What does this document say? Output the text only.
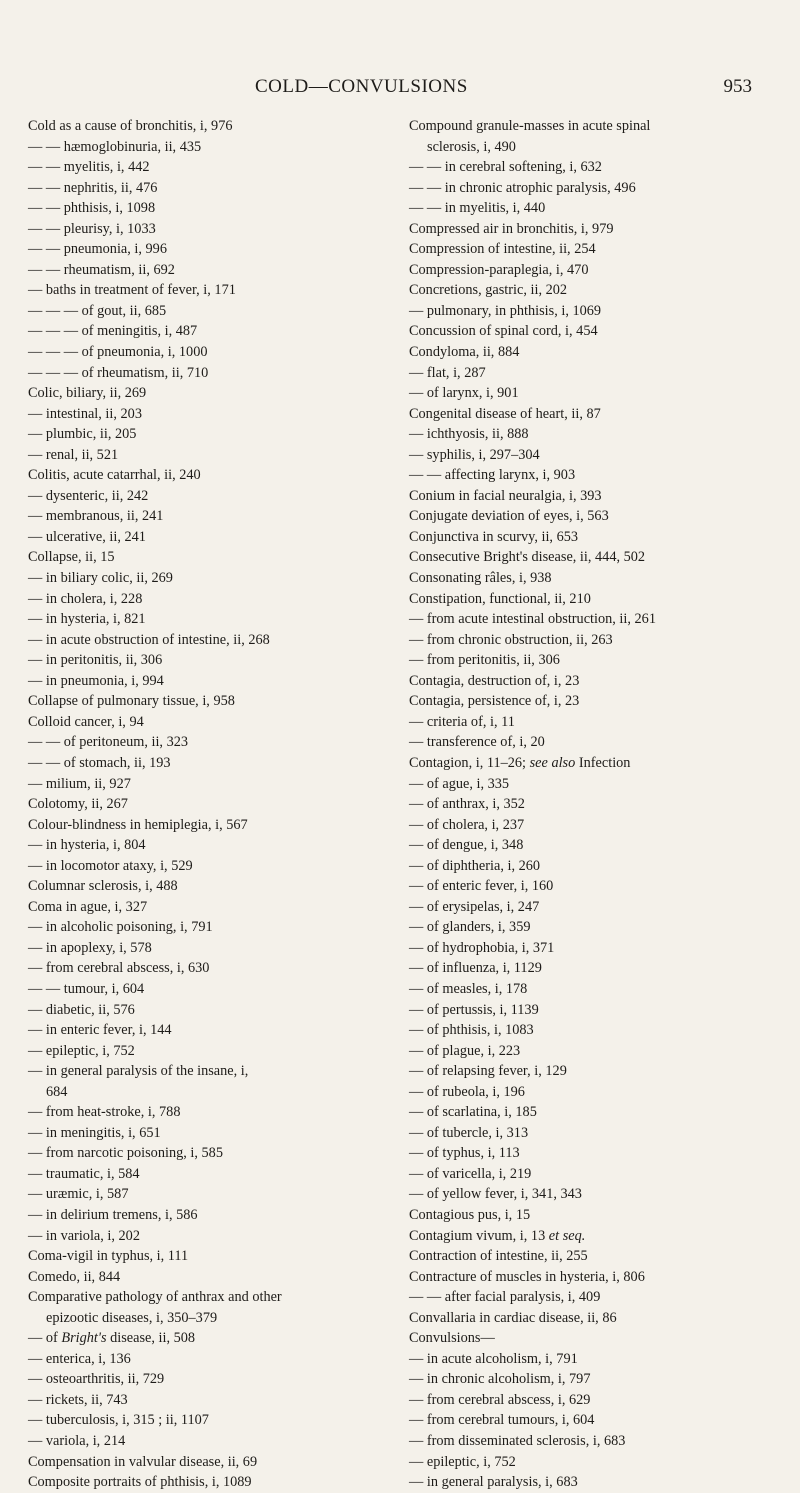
COLD—CONVULSIONS	953
Cold as a cause of bronchitis, i, 976
— — hæmoglobinuria, ii, 435
— — myelitis, i, 442
— — nephritis, ii, 476
— — phthisis, i, 1098
— — pleurisy, i, 1033
— — pneumonia, i, 996
— — rheumatism, ii, 692
— baths in treatment of fever, i, 171
— — — of gout, ii, 685
— — — of meningitis, i, 487
— — — of pneumonia, i, 1000
— — — of rheumatism, ii, 710
Colic, biliary, ii, 269
— intestinal, ii, 203
— plumbic, ii, 205
— renal, ii, 521
Colitis, acute catarrhal, ii, 240
— dysenteric, ii, 242
— membranous, ii, 241
— ulcerative, ii, 241
Collapse, ii, 15
— in biliary colic, ii, 269
— in cholera, i, 228
— in hysteria, i, 821
— in acute obstruction of intestine, ii, 268
— in peritonitis, ii, 306
— in pneumonia, i, 994
Collapse of pulmonary tissue, i, 958
Colloid cancer, i, 94
— — of peritoneum, ii, 323
— — of stomach, ii, 193
— milium, ii, 927
Colotomy, ii, 267
Colour-blindness in hemiplegia, i, 567
— in hysteria, i, 804
— in locomotor ataxy, i, 529
Columnar sclerosis, i, 488
Coma in ague, i, 327
— in alcoholic poisoning, i, 791
— in apoplexy, i, 578
— from cerebral abscess, i, 630
— — tumour, i, 604
— diabetic, ii, 576
— in enteric fever, i, 144
— epileptic, i, 752
— in general paralysis of the insane, i,
684
— from heat-stroke, i, 788
— in meningitis, i, 651
— from narcotic poisoning, i, 585
— traumatic, i, 584
— uræmic, i, 587
— in delirium tremens, i, 586
— in variola, i, 202
Coma-vigil in typhus, i, 111
Comedo, ii, 844
Comparative pathology of anthrax and other
epizootic diseases, i, 350–379
— of Bright's disease, ii, 508
— enterica, i, 136
— osteoarthritis, ii, 729
— rickets, ii, 743
— tuberculosis, i, 315 ; ii, 1107
— variola, i, 214
Compensation in valvular disease, ii, 69
Composite portraits of phthisis, i, 1089
Compound granule-masses in acute spinal
sclerosis, i, 490
— — in cerebral softening, i, 632
— — in chronic atrophic paralysis, 496
— — in myelitis, i, 440
Compressed air in bronchitis, i, 979
Compression of intestine, ii, 254
Compression-paraplegia, i, 470
Concretions, gastric, ii, 202
— pulmonary, in phthisis, i, 1069
Concussion of spinal cord, i, 454
Condyloma, ii, 884
— flat, i, 287
— of larynx, i, 901
Congenital disease of heart, ii, 87
— ichthyosis, ii, 888
— syphilis, i, 297–304
— — affecting larynx, i, 903
Conium in facial neuralgia, i, 393
Conjugate deviation of eyes, i, 563
Conjunctiva in scurvy, ii, 653
Consecutive Bright's disease, ii, 444, 502
Consonating râles, i, 938
Constipation, functional, ii, 210
— from acute intestinal obstruction, ii, 261
— from chronic obstruction, ii, 263
— from peritonitis, ii, 306
Contagia, destruction of, i, 23
Contagia, persistence of, i, 23
— criteria of, i, 11
— transference of, i, 20
Contagion, i, 11–26; see also Infection
— of ague, i, 335
— of anthrax, i, 352
— of cholera, i, 237
— of dengue, i, 348
— of diphtheria, i, 260
— of enteric fever, i, 160
— of erysipelas, i, 247
— of glanders, i, 359
— of hydrophobia, i, 371
— of influenza, i, 1129
— of measles, i, 178
— of pertussis, i, 1139
— of phthisis, i, 1083
— of plague, i, 223
— of relapsing fever, i, 129
— of rubeola, i, 196
— of scarlatina, i, 185
— of tubercle, i, 313
— of typhus, i, 113
— of varicella, i, 219
— of yellow fever, i, 341, 343
Contagious pus, i, 15
Contagium vivum, i, 13 et seq.
Contraction of intestine, ii, 255
Contracture of muscles in hysteria, i, 806
— — after facial paralysis, i, 409
Convallaria in cardiac disease, ii, 86
Convulsions—
— in acute alcoholism, i, 791
— in chronic alcoholism, i, 797
— from cerebral abscess, i, 629
— from cerebral tumours, i, 604
— from disseminated sclerosis, i, 683
— epileptic, i, 752
— in general paralysis, i, 683
